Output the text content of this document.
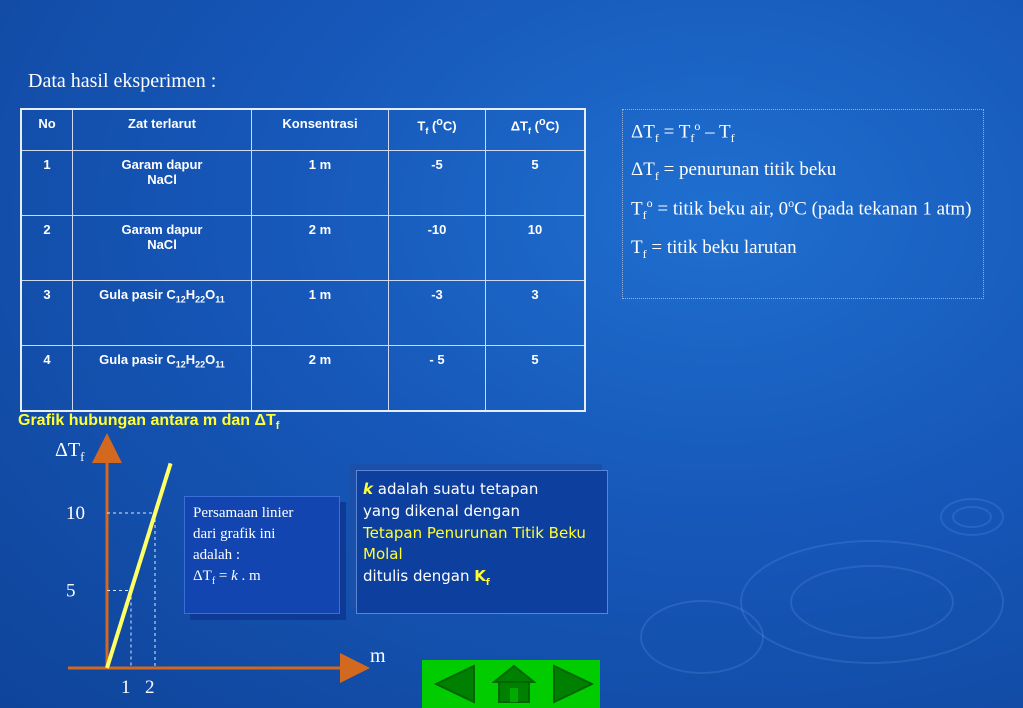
Data hasil eksperimen :
No	Zat terlarut	Konsentrasi	$T_f$ ($^o$C)	$\Delta T_f$ ($^o$C)
1	Garam dapur
NaCl	1 m	-5	5
2	Garam dapur
NaCl	2 m	-10	10
3	Gula pasir $C_{12}H_{22}O_{11}$	1 m	-3	3
4	Gula pasir $C_{12}H_{22}O_{11}$	2 m	- 5	5

$\Delta T_f = T_f^o - T_f$

$\Delta T_f$ = penurunan titik beku

$T_f^o$ = titik beku air, 0$^o$C (pada tekanan 1 atm)

$T_f$ = titik beku larutan

Grafik hubungan antara m dan $\Delta T_f$
$\Delta T_f$
m
10
5
1 2
Persamaan linier
dari grafik ini
adalah :
$\Delta T_f = k$ . m
k adalah suatu tetapan
yang dikenal dengan
Tetapan Penurunan Titik Beku Molal
ditulis dengan $K_f$
